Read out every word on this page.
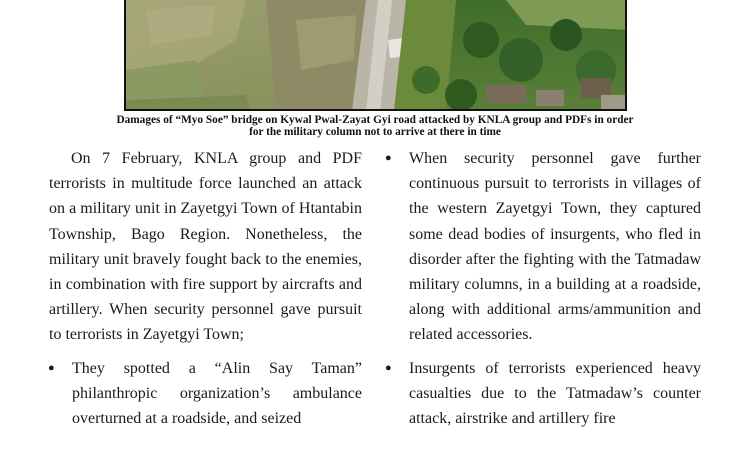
Damages of “Myo Soe” bridge on Kywal Pwal-Zayat Gyi road attacked by KNLA group and PDFs in order for the military column not to arrive at there in time

On 7 February, KNLA group and PDF terrorists in multitude force launched an attack on a military unit in Zayetgyi Town of Htantabin Township, Bago Region. Nonetheless, the military unit bravely fought back to the enemies, in combination with fire support by aircrafts and artillery. When security personnel gave pursuit to terrorists in Zayetgyi Town;

● They spotted a “Alin Say Taman” philanthropic organization’s ambulance overturned at a roadside, and seized
● When security personnel gave further continuous pursuit to terrorists in villages of the western Zayetgyi Town, they captured some dead bodies of insurgents, who fled in disorder after the fighting with the Tatmadaw military columns, in a building at a roadside, along with additional arms/ammunition and related accessories.
● Insurgents of terrorists experienced heavy casualties due to the Tatmadaw’s counter attack, airstrike and artillery fire
